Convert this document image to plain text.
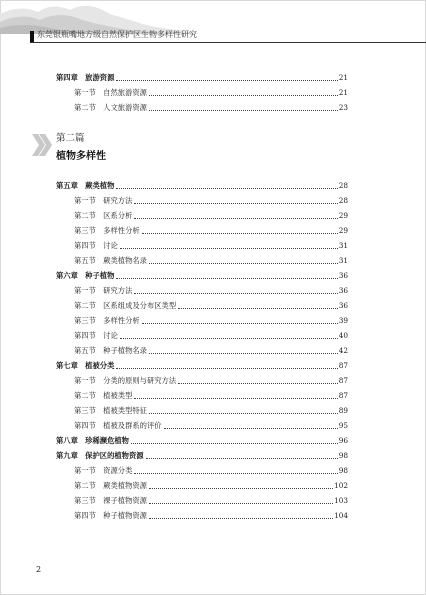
东莞银瓶嘴地方级自然保护区生物多样性研究
第四章　旅游资源	21
第一节　自然旅游资源	21
第二节　人文旅游资源	23
第二篇
植物多样性
第五章　蕨类植物	28
第一节　研究方法	28
第二节　区系分析	29
第三节　多样性分析	29
第四节　讨论	31
第五节　蕨类植物名录	31
第六章　种子植物	36
第一节　研究方法	36
第二节　区系组成及分布区类型	36
第三节　多样性分析	39
第四节　讨论	40
第五节　种子植物名录	42
第七章　植被分类	87
第一节　分类的原则与研究方法	87
第二节　植被类型	87
第三节　植被类型特征	89
第四节　植被及群系的评价	95
第八章　珍稀濒危植物	96
第九章　保护区的植物资源	98
第一节　资源分类	98
第二节　蕨类植物资源	102
第三节　裸子植物资源	103
第四节　种子植物资源	104
2
